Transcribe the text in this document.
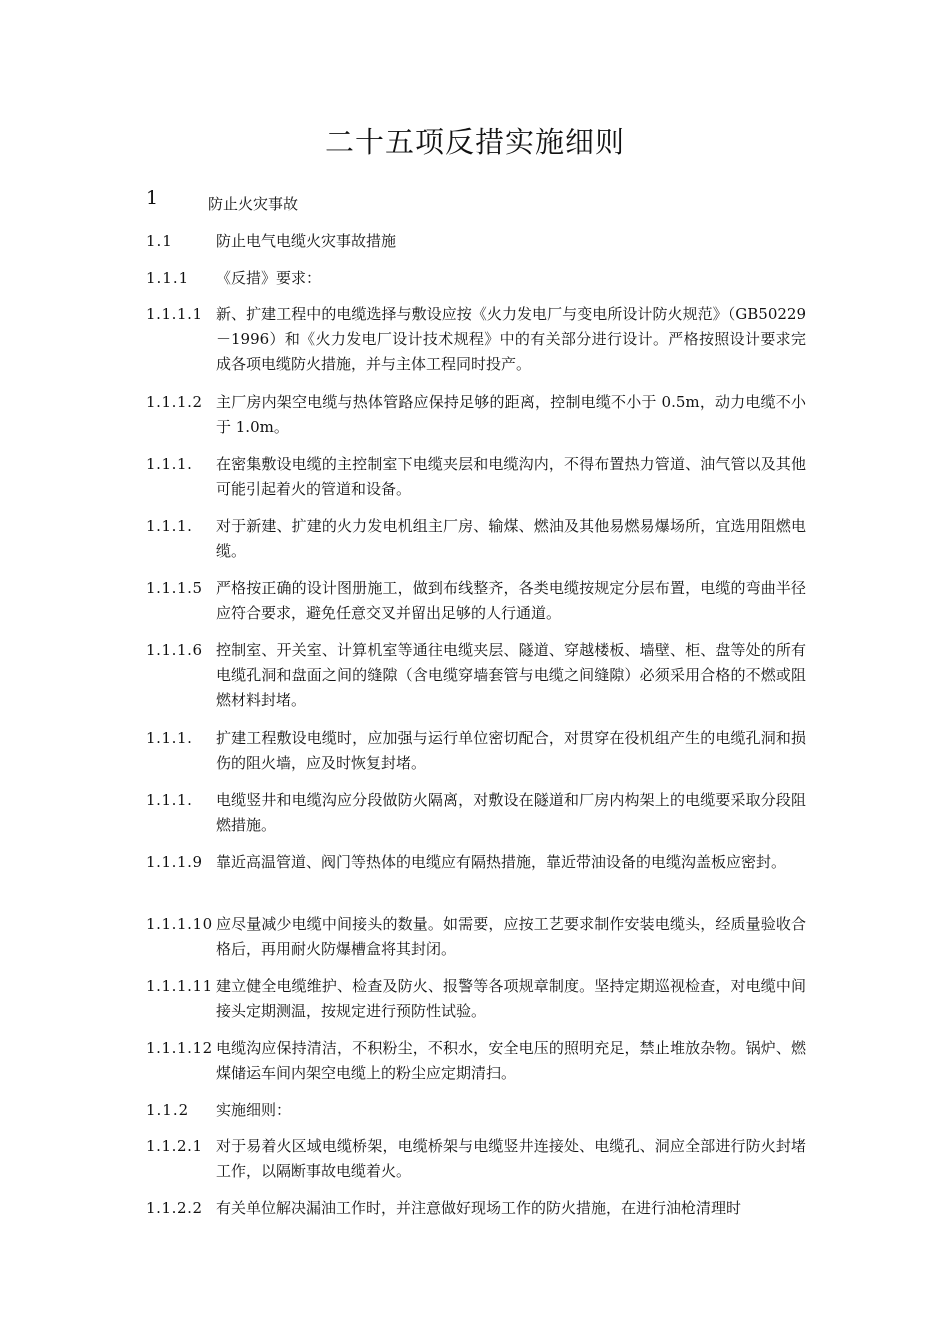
二十五项反措实施细则
1	防止火灾事故
1.1	防止电气电缆火灾事故措施
1.1.1	《反措》要求：
1.1.1.1 新、扩建工程中的电缆选择与敷设应按《火力发电厂与变电所设计防火规范》（GB50229－1996）和《火力发电厂设计技术规程》中的有关部分进行设计。严格按照设计要求完成各项电缆防火措施，并与主体工程同时投产。
1.1.1.2 主厂房内架空电缆与热体管路应保持足够的距离，控制电缆不小于 0.5m，动力电缆不小于 1.0m。
1.1.1.	在密集敷设电缆的主控制室下电缆夹层和电缆沟内，不得布置热力管道、油气管以及其他可能引起着火的管道和设备。
1.1.1.	对于新建、扩建的火力发电机组主厂房、输煤、燃油及其他易燃易爆场所，宜选用阻燃电缆。
1.1.1.5 严格按正确的设计图册施工，做到布线整齐，各类电缆按规定分层布置，电缆的弯曲半径应符合要求，避免任意交叉并留出足够的人行通道。
1.1.1.6 控制室、开关室、计算机室等通往电缆夹层、隧道、穿越楼板、墙壁、柜、盘等处的所有电缆孔洞和盘面之间的缝隙（含电缆穿墙套管与电缆之间缝隙）必须采用合格的不燃或阻燃材料封堵。
1.1.1.	扩建工程敷设电缆时，应加强与运行单位密切配合，对贯穿在役机组产生的电缆孔洞和损伤的阻火墙，应及时恢复封堵。
1.1.1.	电缆竖井和电缆沟应分段做防火隔离，对敷设在隧道和厂房内构架上的电缆要采取分段阻燃措施。
1.1.1.9 靠近高温管道、阀门等热体的电缆应有隔热措施，靠近带油设备的电缆沟盖板应密封。
1.1.1.10 应尽量减少电缆中间接头的数量。如需要，应按工艺要求制作安装电缆头，经质量验收合格后，再用耐火防爆槽盒将其封闭。
1.1.1.11 建立健全电缆维护、检查及防火、报警等各项规章制度。坚持定期巡视检查，对电缆中间接头定期测温，按规定进行预防性试验。
1.1.1.12 电缆沟应保持清洁，不积粉尘，不积水，安全电压的照明充足，禁止堆放杂物。锅炉、燃煤储运车间内架空电缆上的粉尘应定期清扫。
1.1.2	实施细则：
1.1.2.1 对于易着火区域电缆桥架，电缆桥架与电缆竖井连接处、电缆孔、洞应全部进行防火封堵工作，以隔断事故电缆着火。
1.1.2.2 有关单位解决漏油工作时，并注意做好现场工作的防火措施，在进行油枪清理时
